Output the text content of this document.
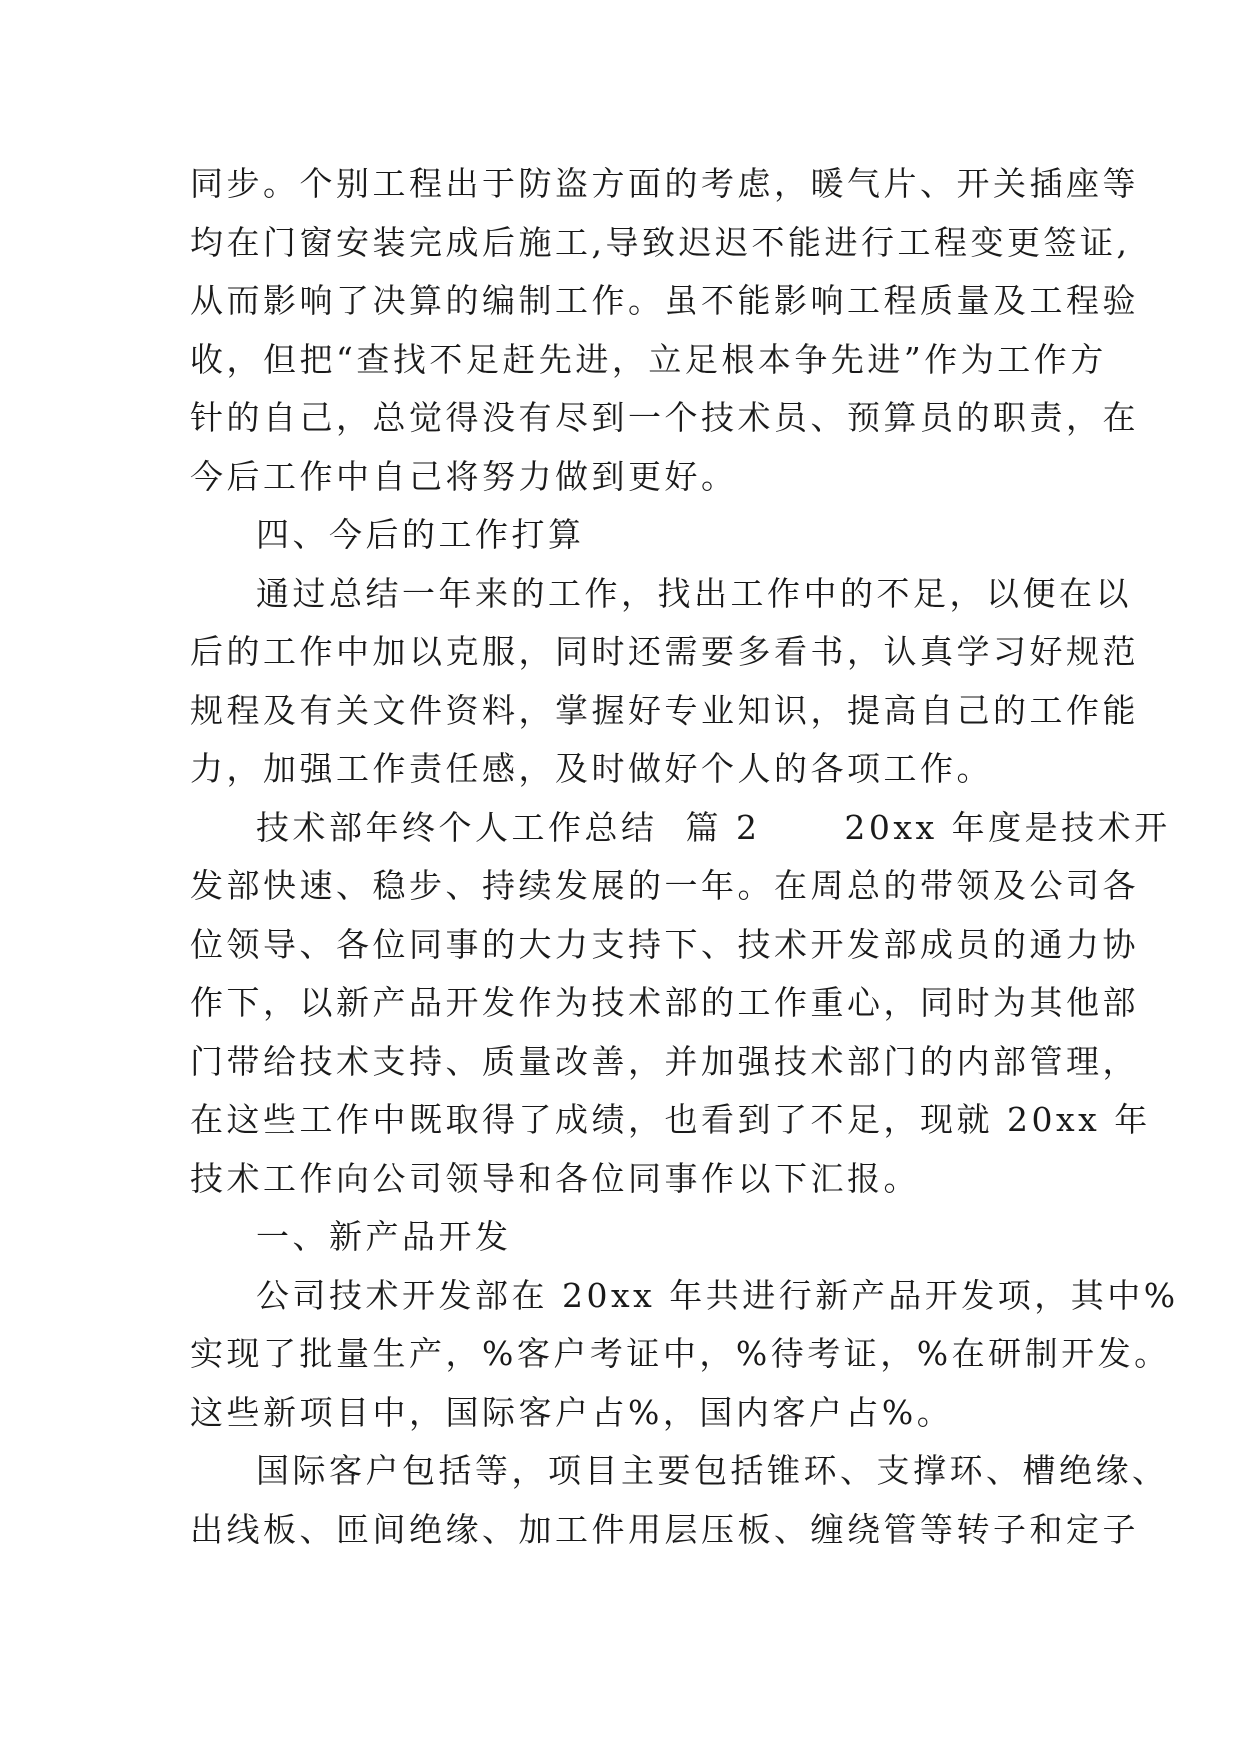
同步。个别工程出于防盗方面的考虑，暖气片、开关插座等
均在门窗安装完成后施工,导致迟迟不能进行工程变更签证,
从而影响了决算的编制工作。虽不能影响工程质量及工程验
收，但把“查找不足赶先进，立足根本争先进”作为工作方
针的自己，总觉得没有尽到一个技术员、预算员的职责，在
今后工作中自己将努力做到更好。
四、今后的工作打算
通过总结一年来的工作，找出工作中的不足，以便在以
后的工作中加以克服，同时还需要多看书，认真学习好规范
规程及有关文件资料，掌握好专业知识，提高自己的工作能
力，加强工作责任感，及时做好个人的各项工作。
技术部年终个人工作总结  篇 2      20xx 年度是技术开
发部快速、稳步、持续发展的一年。在周总的带领及公司各
位领导、各位同事的大力支持下、技术开发部成员的通力协
作下，以新产品开发作为技术部的工作重心，同时为其他部
门带给技术支持、质量改善，并加强技术部门的内部管理，
在这些工作中既取得了成绩，也看到了不足，现就 20xx 年
技术工作向公司领导和各位同事作以下汇报。
一、新产品开发
公司技术开发部在 20xx 年共进行新产品开发项，其中%
实现了批量生产，%客户考证中，%待考证，%在研制开发。
这些新项目中，国际客户占%，国内客户占%。
国际客户包括等，项目主要包括锥环、支撑环、槽绝缘、
出线板、匝间绝缘、加工件用层压板、缠绕管等转子和定子
